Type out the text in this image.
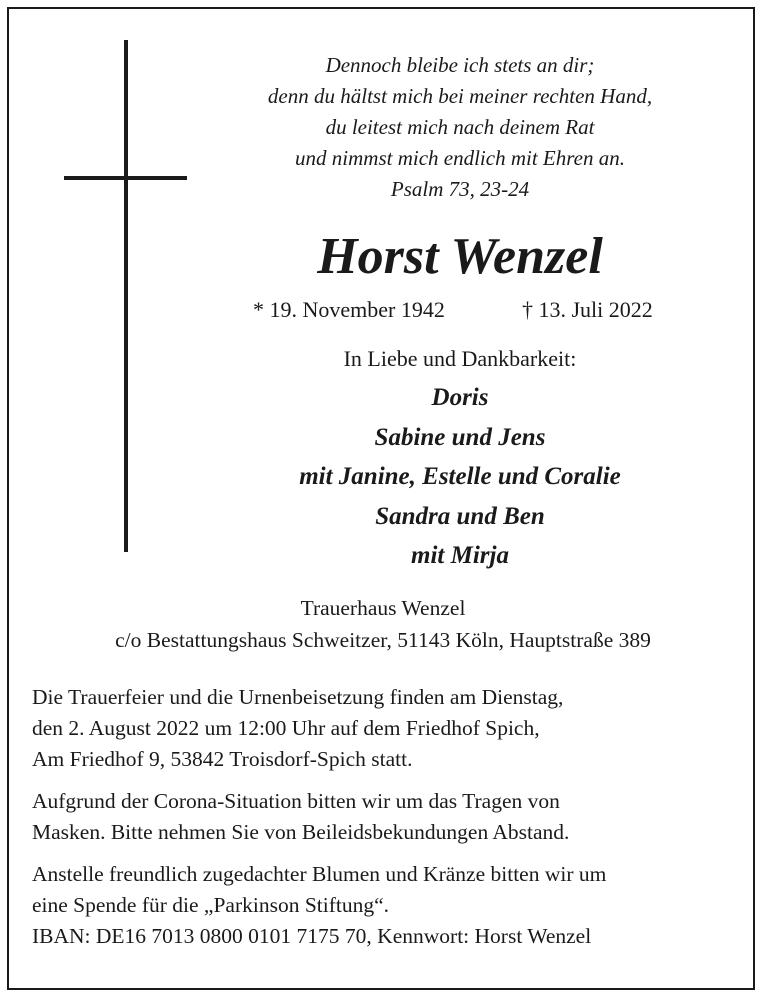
Dennoch bleibe ich stets an dir;
denn du hältst mich bei meiner rechten Hand,
du leitest mich nach deinem Rat
und nimmst mich endlich mit Ehren an.
Psalm 73, 23-24
Horst Wenzel
* 19. November 1942	† 13. Juli 2022
In Liebe und Dankbarkeit:
Doris
Sabine und Jens
mit Janine, Estelle und Coralie
Sandra und Ben
mit Mirja
Trauerhaus Wenzel
c/o Bestattungshaus Schweitzer, 51143 Köln, Hauptstraße 389
Die Trauerfeier und die Urnenbeisetzung finden am Dienstag,
den 2. August 2022 um 12:00 Uhr auf dem Friedhof Spich,
Am Friedhof 9, 53842 Troisdorf-Spich statt.
Aufgrund der Corona-Situation bitten wir um das Tragen von
Masken. Bitte nehmen Sie von Beileidsbekundungen Abstand.
Anstelle freundlich zugedachter Blumen und Kränze bitten wir um
eine Spende für die „Parkinson Stiftung“.
IBAN: DE16 7013 0800 0101 7175 70, Kennwort: Horst Wenzel
